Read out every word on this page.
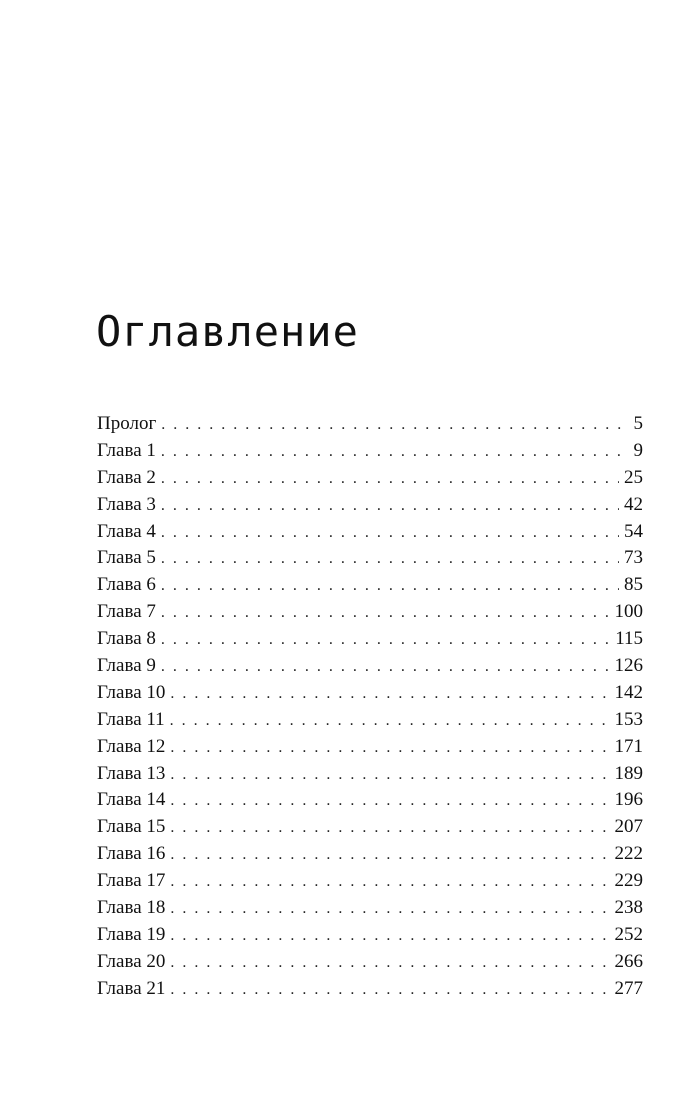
Оглавление
Пролог . . .	5
Глава 1 . . .	9
Глава 2 . . .	25
Глава 3 . . .	42
Глава 4 . . .	54
Глава 5 . . .	73
Глава 6 . . .	85
Глава 7 . . .	100
Глава 8 . . .	115
Глава 9 . . .	126
Глава 10 . . .	142
Глава 11 . . .	153
Глава 12 . . .	171
Глава 13 . . .	189
Глава 14 . . .	196
Глава 15 . . .	207
Глава 16 . . .	222
Глава 17 . . .	229
Глава 18 . . .	238
Глава 19 . . .	252
Глава 20 . . .	266
Глава 21 . . .	277
